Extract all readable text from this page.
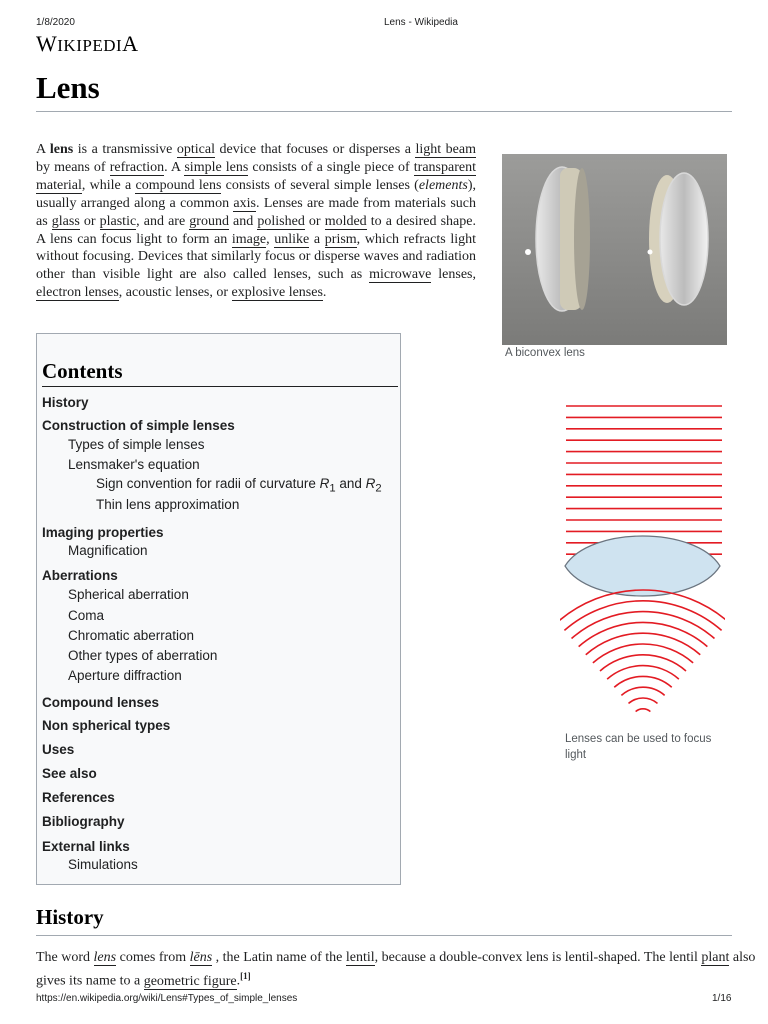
1/8/2020	Lens - Wikipedia
WIKIPEDIA
Lens

A lens is a transmissive optical device that focuses or disperses a light beam by means of refraction. A simple lens consists of a single piece of transparent material, while a compound lens consists of several simple lenses (elements), usually arranged along a common axis. Lenses are made from materials such as glass or plastic, and are ground and polished or molded to a desired shape. A lens can focus light to form an image, unlike a prism, which refracts light without focusing. Devices that similarly focus or disperse waves and radiation other than visible light are also called lenses, such as microwave lenses, electron lenses, acoustic lenses, or explosive lenses.

A biconvex lens
Lenses can be used to focus light
Contents
History
Construction of simple lenses
Types of simple lenses
Lensmaker's equation
Sign convention for radii of curvature $R_1$ and $R_2$
Thin lens approximation
Imaging properties
Magnification
Aberrations
Spherical aberration
Coma
Chromatic aberration
Other types of aberration
Aperture diffraction
Compound lenses
Non spherical types
Uses
See also
References
Bibliography
External links
Simulations
History

The word lens comes from lēns , the Latin name of the lentil, because a double-convex lens is lentil-shaped. The lentil plant also gives its name to a geometric figure.[1]

https://en.wikipedia.org/wiki/Lens#Types_of_simple_lenses	1/16
